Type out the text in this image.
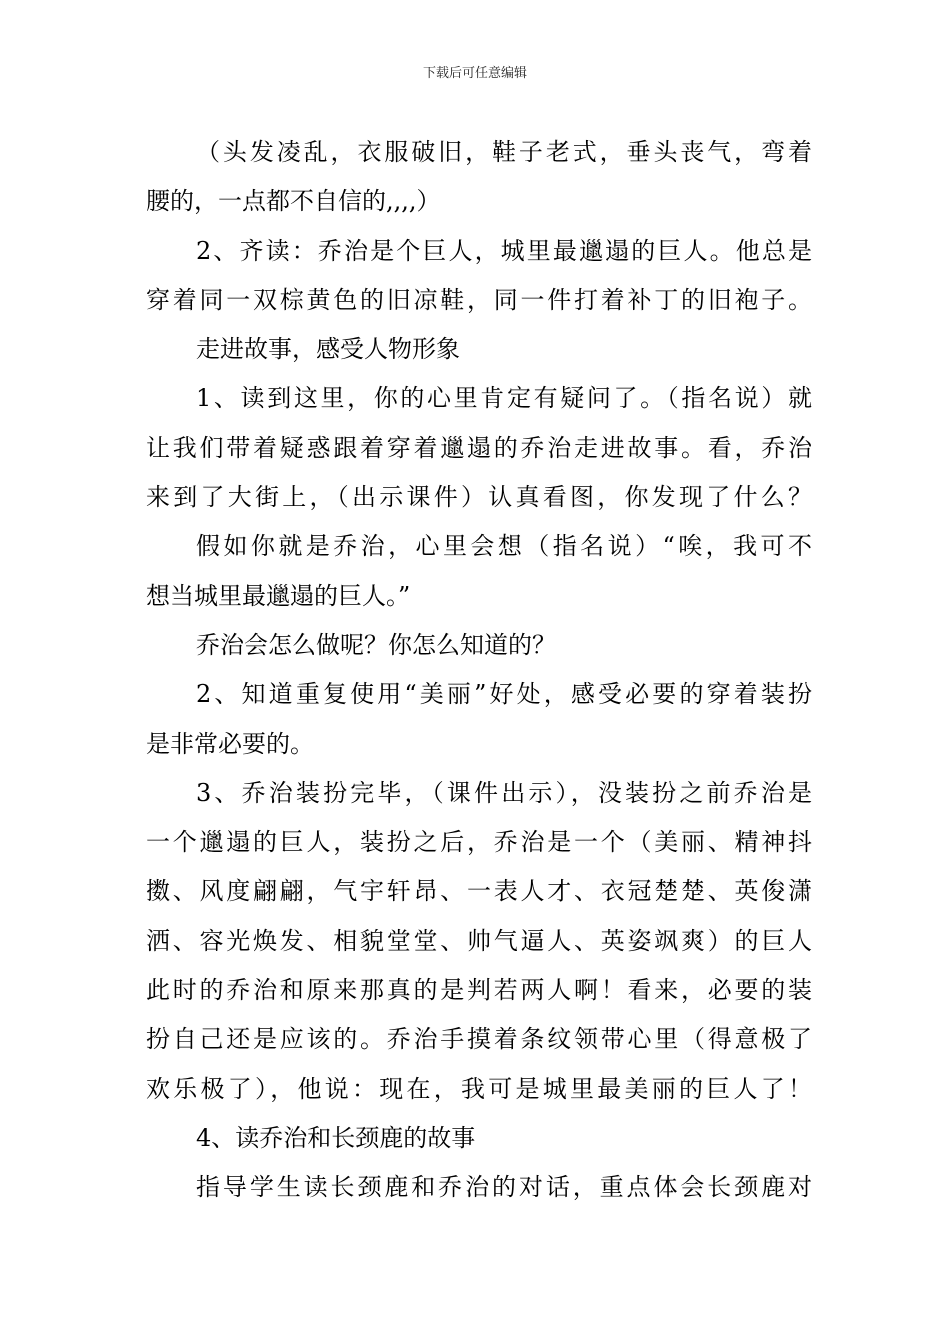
下载后可任意编辑
（头发凌乱，衣服破旧，鞋子老式，垂头丧气，弯着
腰的，一点都不自信的,,,,）
2、齐读：乔治是个巨人，城里最邋遢的巨人。他总是
穿着同一双棕黄色的旧凉鞋，同一件打着补丁的旧袍子。
走进故事，感受人物形象
1、读到这里，你的心里肯定有疑问了。（指名说）就
让我们带着疑惑跟着穿着邋遢的乔治走进故事。看，乔治
来到了大街上，（出示课件）认真看图，你发现了什么？
假如你就是乔治，心里会想（指名说）“唉，我可不
想当城里最邋遢的巨人。”
乔治会怎么做呢？你怎么知道的？
2、知道重复使用“美丽”好处，感受必要的穿着装扮
是非常必要的。
3、乔治装扮完毕，（课件出示），没装扮之前乔治是
一个邋遢的巨人，装扮之后，乔治是一个（美丽、精神抖
擞、风度翩翩，气宇轩昂、一表人才、衣冠楚楚、英俊潇
洒、容光焕发、相貌堂堂、帅气逼人、英姿飒爽）的巨人
此时的乔治和原来那真的是判若两人啊！看来，必要的装
扮自己还是应该的。乔治手摸着条纹领带心里（得意极了
欢乐极了），他说：现在，我可是城里最美丽的巨人了！
4、读乔治和长颈鹿的故事
指导学生读长颈鹿和乔治的对话，重点体会长颈鹿对
